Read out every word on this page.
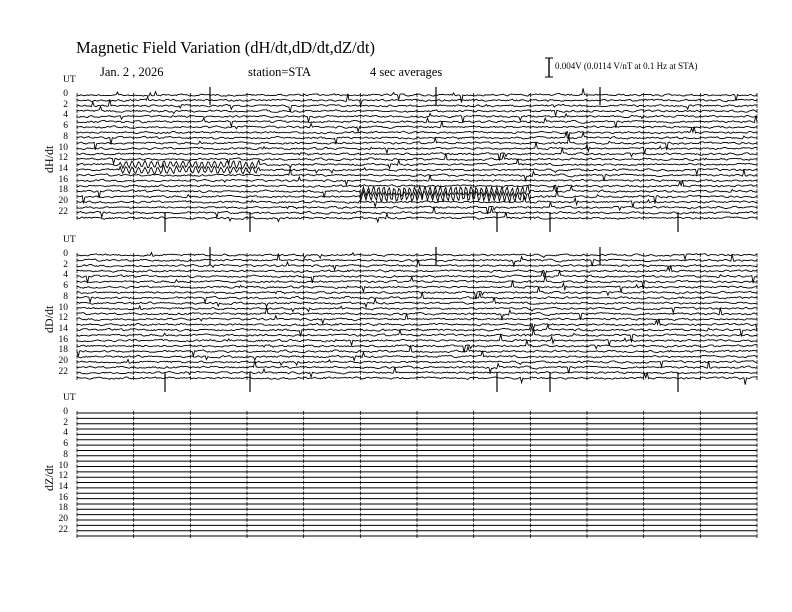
Magnetic Field Variation (dH/dt,dD/dt,dZ/dt)
Jan. 2 , 2026	station=STA	4 sec averages	0.004V (0.0114 V/nT at 0.1 Hz at STA)
UT
dH/dt
0
2
4
6
8
10
12
14
16
18
20
22
UT
dD/dt
0
2
4
6
8
10
12
14
16
18
20
22
UT
dZ/dt
0
2
4
6
8
10
12
14
16
18
20
22
